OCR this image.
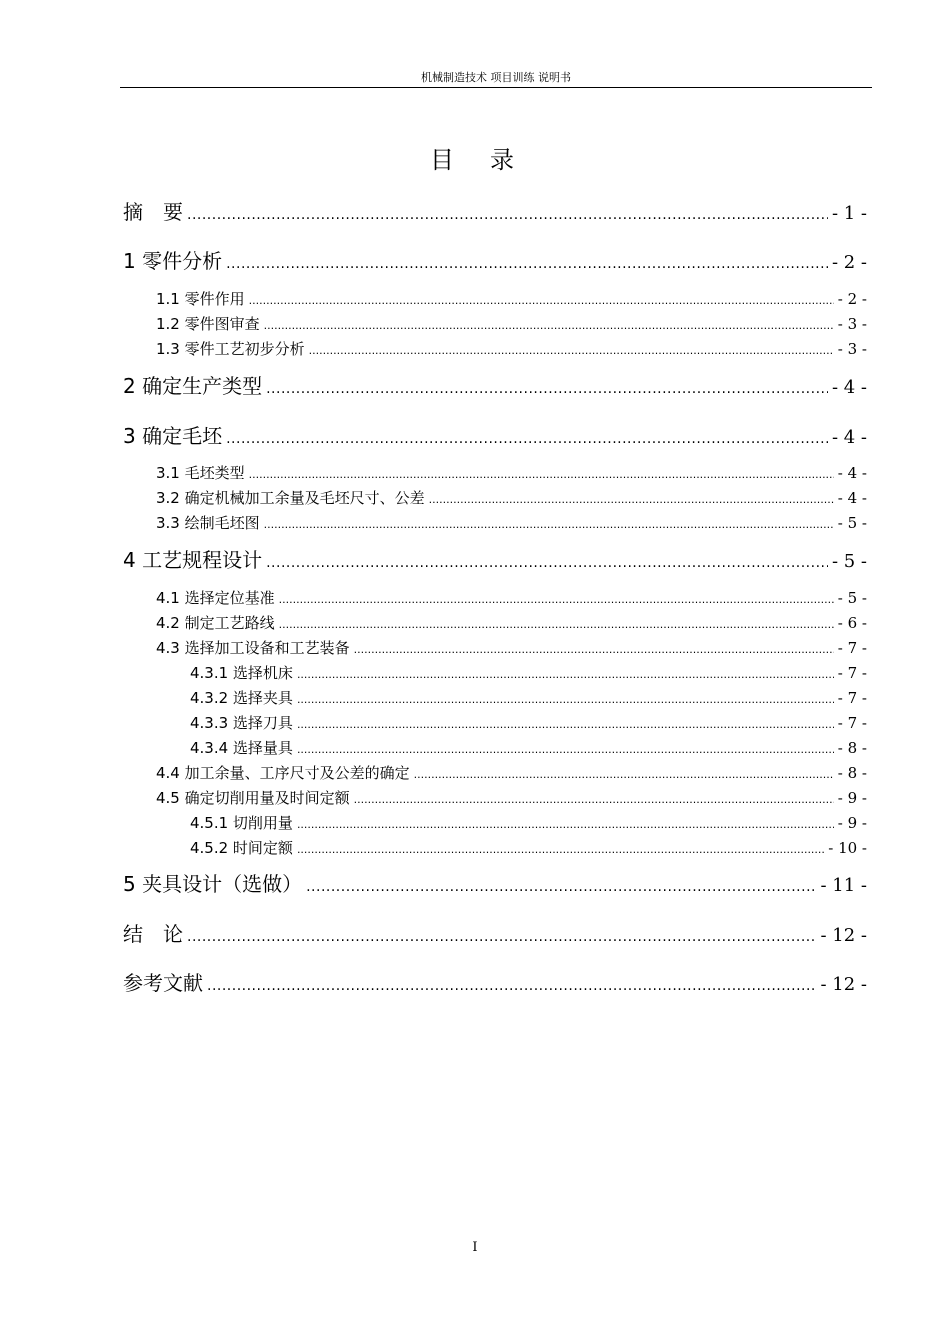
机械制造技术 项目训练 说明书
目　录
摘　要 .....	- 1 -
1 零件分析 .....	- 2 -
1.1 零件作用 .....	- 2 -
1.2 零件图审查 .....	- 3 -
1.3 零件工艺初步分析 .....	- 3 -
2 确定生产类型 .....	- 4 -
3 确定毛坯 .....	- 4 -
3.1 毛坯类型 .....	- 4 -
3.2 确定机械加工余量及毛坯尺寸、公差 .....	- 4 -
3.3 绘制毛坯图 .....	- 5 -
4 工艺规程设计 .....	- 5 -
4.1 选择定位基准 .....	- 5 -
4.2 制定工艺路线 .....	- 6 -
4.3 选择加工设备和工艺装备 .....	- 7 -
4.3.1 选择机床 .....	- 7 -
4.3.2 选择夹具 .....	- 7 -
4.3.3 选择刀具 .....	- 7 -
4.3.4 选择量具 .....	- 8 -
4.4 加工余量、工序尺寸及公差的确定 .....	- 8 -
4.5 确定切削用量及时间定额 .....	- 9 -
4.5.1 切削用量 .....	- 9 -
4.5.2 时间定额 .....	- 10 -
5 夹具设计（选做） .....	- 11 -
结　论 .....	- 12 -
参考文献 .....	- 12 -
I
